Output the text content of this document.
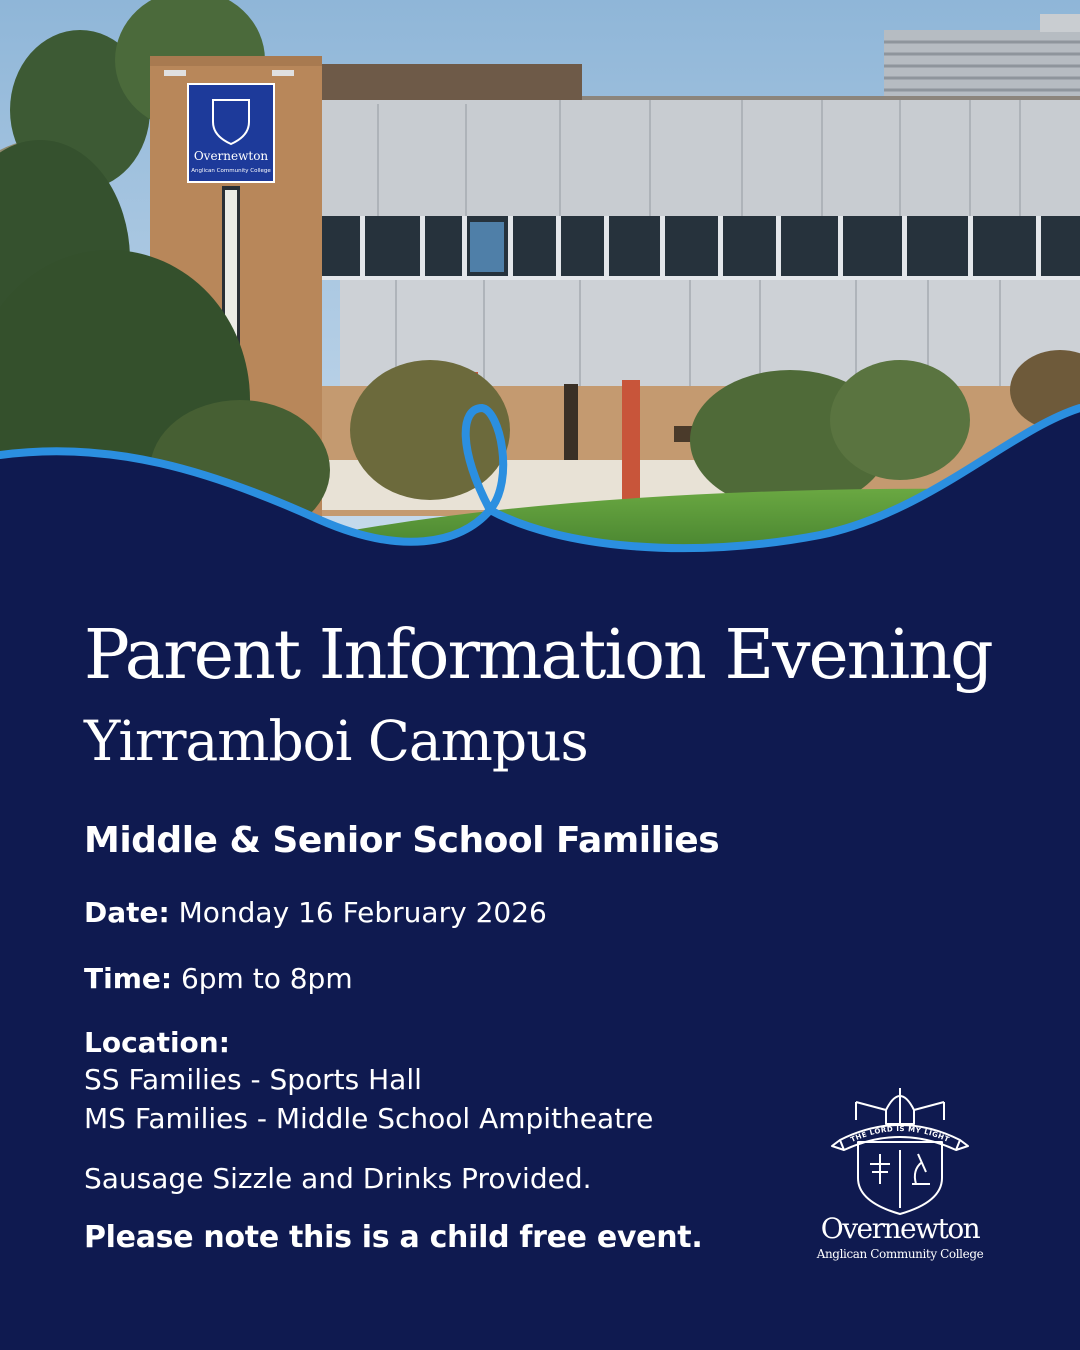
Overnewton
Anglican Community College
Parent Information Evening
Yirramboi Campus
Middle & Senior School Families
Date: Monday 16 February 2026
Time: 6pm to 8pm
Location:
SS Families - Sports Hall
MS Families - Middle School Ampitheatre
Sausage Sizzle and Drinks Provided.
Please note this is a child free event.
THE LORD IS MY LIGHT
Overnewton
Anglican Community College
